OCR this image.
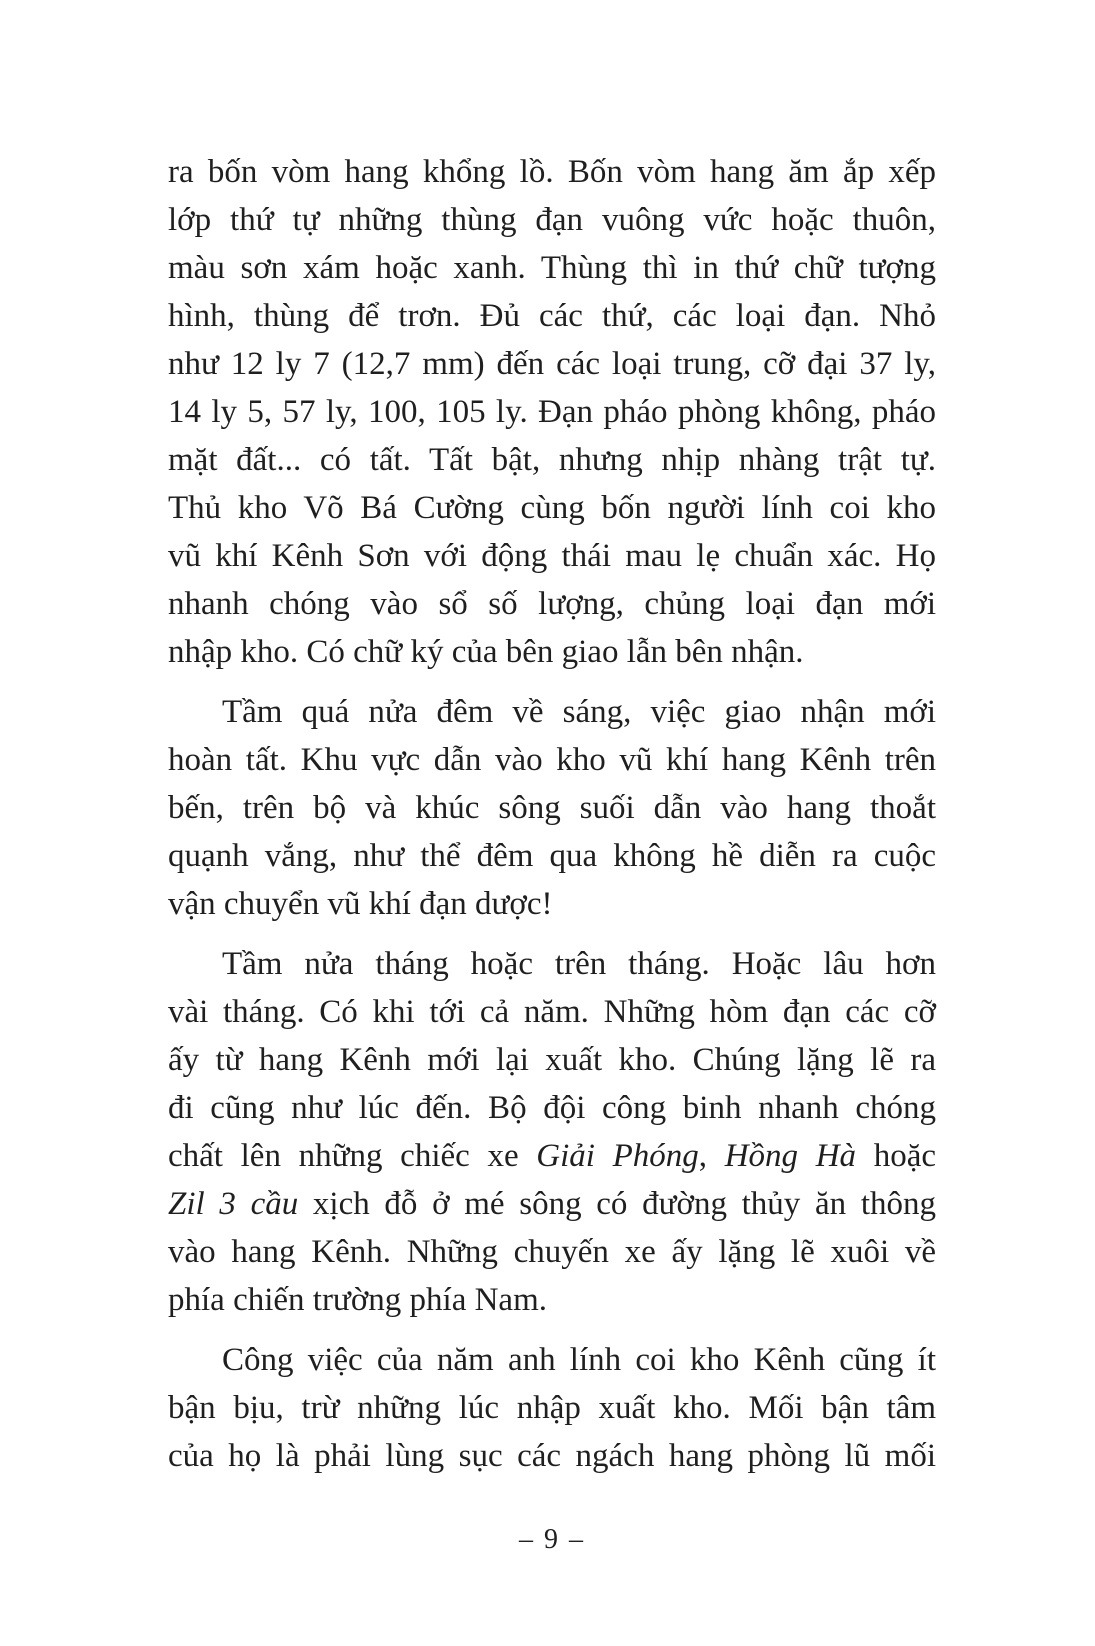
ra bốn vòm hang khổng lồ. Bốn vòm hang ăm ắp xếp
lớp thứ tự những thùng đạn vuông vức hoặc thuôn,
màu sơn xám hoặc xanh. Thùng thì in thứ chữ tượng
hình, thùng để trơn. Đủ các thứ, các loại đạn. Nhỏ
như 12 ly 7 (12,7 mm) đến các loại trung, cỡ đại 37 ly,
14 ly 5, 57 ly, 100, 105 ly. Đạn pháo phòng không, pháo
mặt đất... có tất. Tất bật, nhưng nhịp nhàng trật tự.
Thủ kho Võ Bá Cường cùng bốn người lính coi kho
vũ khí Kênh Sơn với động thái mau lẹ chuẩn xác. Họ
nhanh chóng vào sổ số lượng, chủng loại đạn mới
nhập kho. Có chữ ký của bên giao lẫn bên nhận.

Tầm quá nửa đêm về sáng, việc giao nhận mới
hoàn tất. Khu vực dẫn vào kho vũ khí hang Kênh trên
bến, trên bộ và khúc sông suối dẫn vào hang thoắt
quạnh vắng, như thể đêm qua không hề diễn ra cuộc
vận chuyển vũ khí đạn dược!

Tầm nửa tháng hoặc trên tháng. Hoặc lâu hơn
vài tháng. Có khi tới cả năm. Những hòm đạn các cỡ
ấy từ hang Kênh mới lại xuất kho. Chúng lặng lẽ ra
đi cũng như lúc đến. Bộ đội công binh nhanh chóng
chất lên những chiếc xe Giải Phóng, Hồng Hà hoặc
Zil 3 cầu xịch đỗ ở mé sông có đường thủy ăn thông
vào hang Kênh. Những chuyến xe ấy lặng lẽ xuôi về
phía chiến trường phía Nam.

Công việc của năm anh lính coi kho Kênh cũng ít
bận bịu, trừ những lúc nhập xuất kho. Mối bận tâm
của họ là phải lùng sục các ngách hang phòng lũ mối

– 9 –
